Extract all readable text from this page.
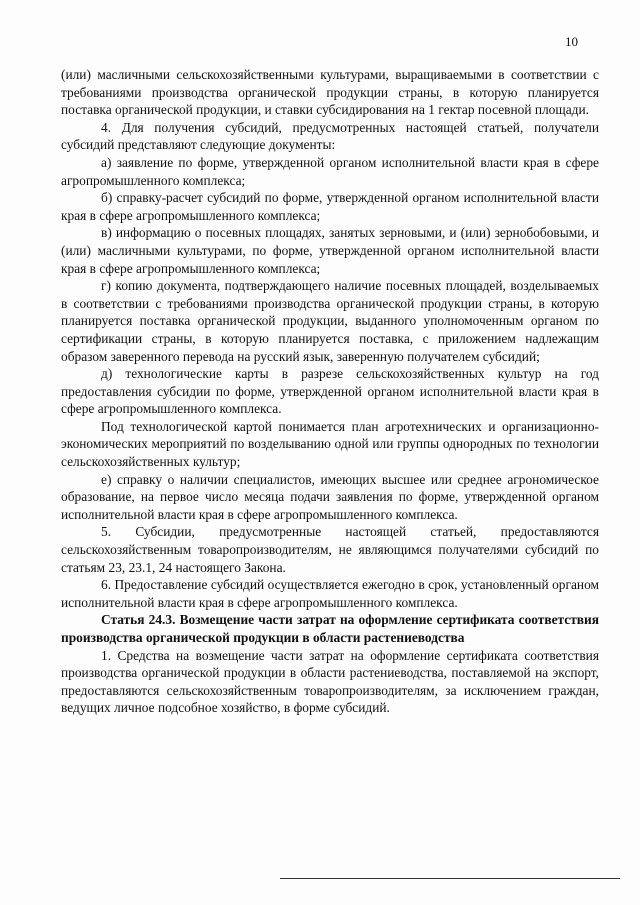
10

(или) масличными сельскохозяйственными культурами, выращиваемыми в соответствии с требованиями производства органической продукции страны, в которую планируется поставка органической продукции, и ставки субсидирования на 1 гектар посевной площади.

4. Для получения субсидий, предусмотренных настоящей статьей, получатели субсидий представляют следующие документы:

а) заявление по форме, утвержденной органом исполнительной власти края в сфере агропромышленного комплекса;

б) справку-расчет субсидий по форме, утвержденной органом исполнительной власти края в сфере агропромышленного комплекса;

в) информацию о посевных площадях, занятых зерновыми, и (или) зернобобовыми, и (или) масличными культурами, по форме, утвержденной органом исполнительной власти края в сфере агропромышленного комплекса;

г) копию документа, подтверждающего наличие посевных площадей, возделываемых в соответствии с требованиями производства органической продукции страны, в которую планируется поставка органической продукции, выданного уполномоченным органом по сертификации страны, в которую планируется поставка, с приложением надлежащим образом заверенного перевода на русский язык, заверенную получателем субсидий;

д) технологические карты в разрезе сельскохозяйственных культур на год предоставления субсидии по форме, утвержденной органом исполнительной власти края в сфере агропромышленного комплекса.

Под технологической картой понимается план агротехнических и организационно-экономических мероприятий по возделыванию одной или группы однородных по технологии сельскохозяйственных культур;

е) справку о наличии специалистов, имеющих высшее или среднее агрономическое образование, на первое число месяца подачи заявления по форме, утвержденной органом исполнительной власти края в сфере агропромышленного комплекса.

5. Субсидии, предусмотренные настоящей статьей, предоставляются сельскохозяйственным товаропроизводителям, не являющимся получателями субсидий по статьям 23, 23.1, 24 настоящего Закона.

6. Предоставление субсидий осуществляется ежегодно в срок, установленный органом исполнительной власти края в сфере агропромышленного комплекса.

Статья 24.3. Возмещение части затрат на оформление сертификата соответствия производства органической продукции в области растениеводства

1. Средства на возмещение части затрат на оформление сертификата соответствия производства органической продукции в области растениеводства, поставляемой на экспорт, предоставляются сельскохозяйственным товаропроизводителям, за исключением граждан, ведущих личное подсобное хозяйство, в форме субсидий.
